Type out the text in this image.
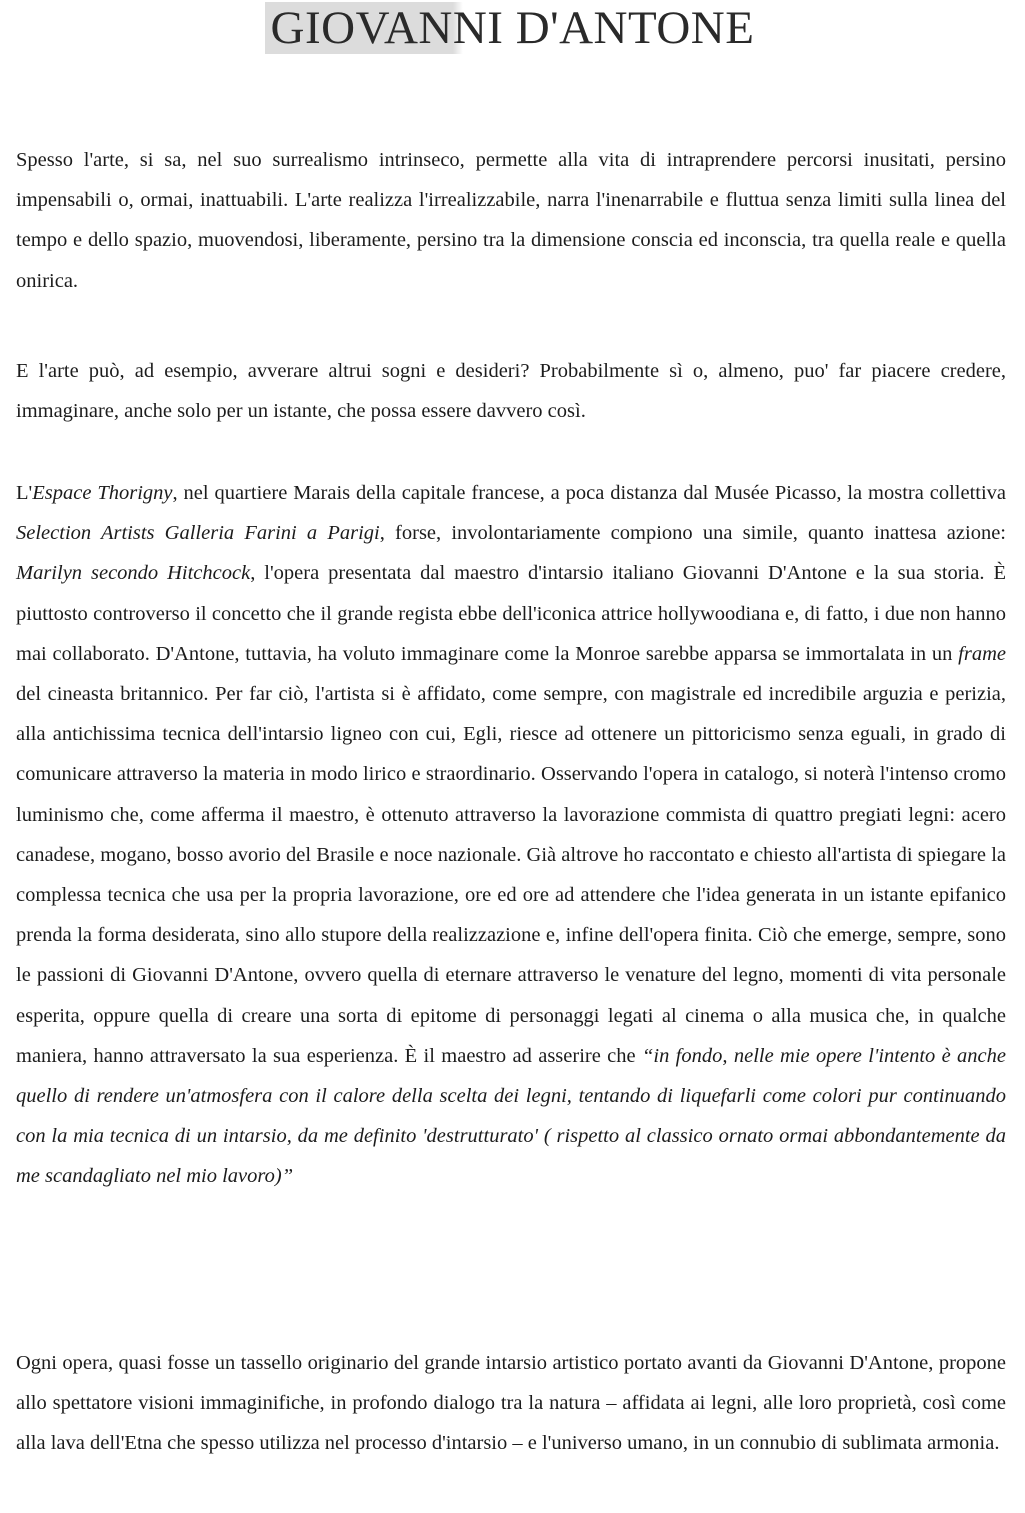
GIOVANNI D'ANTONE

Spesso l'arte, si sa, nel suo surrealismo intrinseco, permette alla vita di intraprendere percorsi inusitati, persino impensabili o, ormai, inattuabili. L'arte realizza l'irrealizzabile, narra l'inenarrabile e fluttua senza limiti sulla linea del tempo e dello spazio, muovendosi, liberamente, persino tra la dimensione conscia ed inconscia, tra quella reale e quella onirica.

E l'arte può, ad esempio, avverare altrui sogni e desideri? Probabilmente sì o, almeno, puo' far piacere credere, immaginare, anche solo per un istante, che possa essere davvero così.

L'Espace Thorigny, nel quartiere Marais della capitale francese, a poca distanza dal Musée Picasso, la mostra collettiva Selection Artists Galleria Farini a Parigi, forse, involontariamente compiono una simile, quanto inattesa azione: Marilyn secondo Hitchcock, l'opera presentata dal maestro d'intarsio italiano Giovanni D'Antone e la sua storia. È piuttosto controverso il concetto che il grande regista ebbe dell'iconica attrice hollywoodiana e, di fatto, i due non hanno mai collaborato. D'Antone, tuttavia, ha voluto immaginare come la Monroe sarebbe apparsa se immortalata in un frame del cineasta britannico. Per far ciò, l'artista si è affidato, come sempre, con magistrale ed incredibile arguzia e perizia, alla antichissima tecnica dell'intarsio ligneo con cui, Egli, riesce ad ottenere un pittoricismo senza eguali, in grado di comunicare attraverso la materia in modo lirico e straordinario. Osservando l'opera in catalogo, si noterà l'intenso cromo luminismo che, come afferma il maestro, è ottenuto attraverso la lavorazione commista di quattro pregiati legni: acero canadese, mogano, bosso avorio del Brasile e noce nazionale. Già altrove ho raccontato e chiesto all'artista di spiegare la complessa tecnica che usa per la propria lavorazione, ore ed ore ad attendere che l'idea generata in un istante epifanico prenda la forma desiderata, sino allo stupore della realizzazione e, infine dell'opera finita. Ciò che emerge, sempre, sono le passioni di Giovanni D'Antone, ovvero quella di eternare attraverso le venature del legno, momenti di vita personale esperita, oppure quella di creare una sorta di epitome di personaggi legati al cinema o alla musica che, in qualche maniera, hanno attraversato la sua esperienza. È il maestro ad asserire che “in fondo, nelle mie opere l'intento è anche quello di rendere un'atmosfera con il calore della scelta dei legni, tentando di liquefarli come colori pur continuando con la mia tecnica di un intarsio, da me definito 'destrutturato' ( rispetto al classico ornato ormai abbondantemente da me scandagliato nel mio lavoro)”

Ogni opera, quasi fosse un tassello originario del grande intarsio artistico portato avanti da Giovanni D'Antone, propone allo spettatore visioni immaginifiche, in profondo dialogo tra la natura – affidata ai legni, alle loro proprietà, così come alla lava dell'Etna che spesso utilizza nel processo d'intarsio – e l'universo umano, in un connubio di sublimata armonia.
